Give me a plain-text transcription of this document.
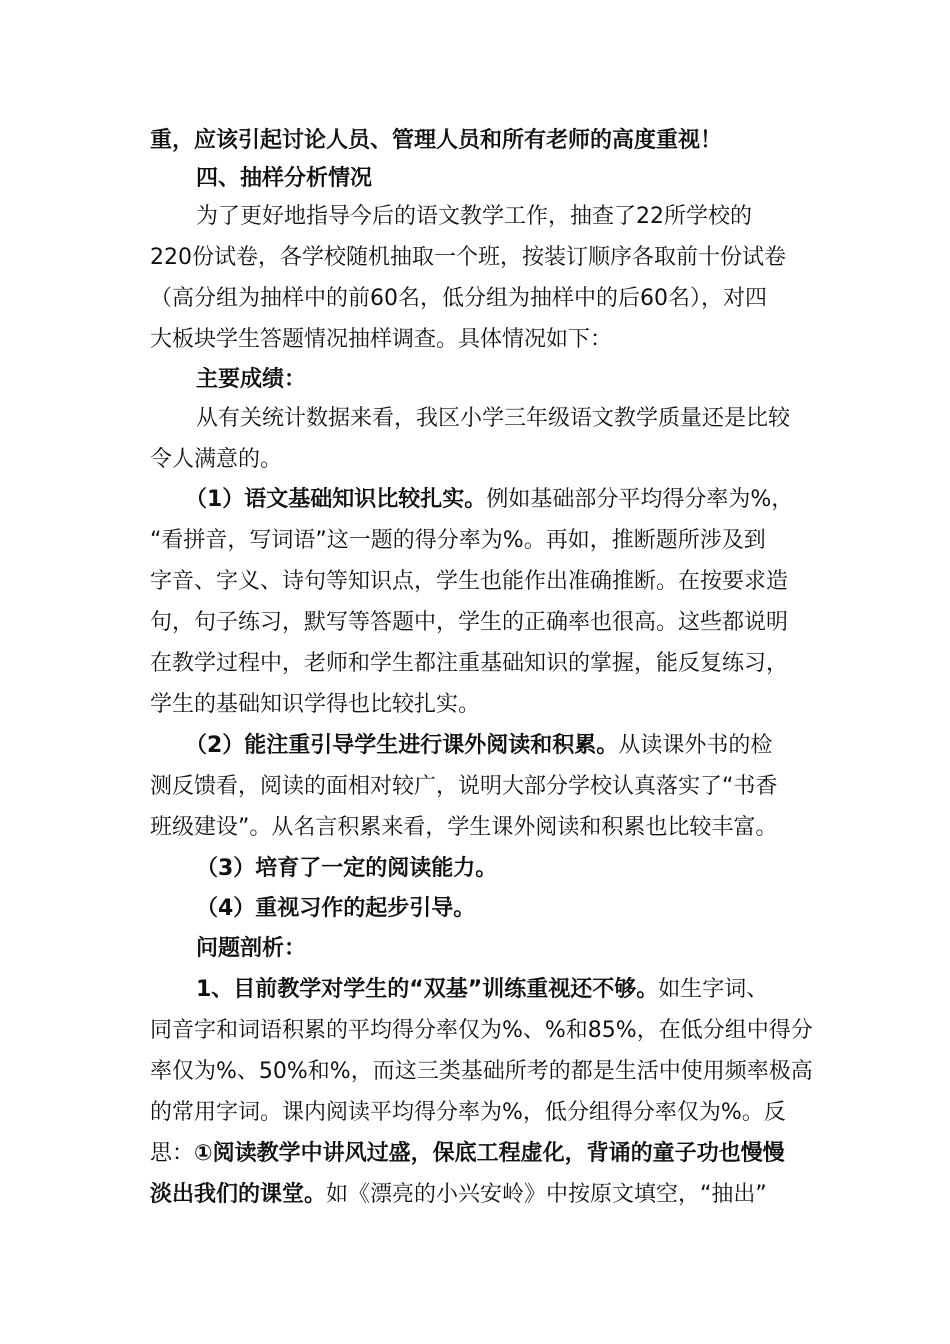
重，应该引起讨论人员、管理人员和所有老师的高度重视！
四、抽样分析情况
为了更好地指导今后的语文教学工作，抽查了22所学校的
220份试卷，各学校随机抽取一个班，按装订顺序各取前十份试卷
（高分组为抽样中的前60名，低分组为抽样中的后60名），对四
大板块学生答题情况抽样调查。具体情况如下：
主要成绩：
从有关统计数据来看，我区小学三年级语文教学质量还是比较
令人满意的。
（1）语文基础知识比较扎实。例如基础部分平均得分率为%，
“看拼音，写词语”这一题的得分率为%。再如，推断题所涉及到
字音、字义、诗句等知识点，学生也能作出准确推断。在按要求造
句，句子练习，默写等答题中，学生的正确率也很高。这些都说明
在教学过程中，老师和学生都注重基础知识的掌握，能反复练习，
学生的基础知识学得也比较扎实。
（2）能注重引导学生进行课外阅读和积累。从读课外书的检
测反馈看，阅读的面相对较广，说明大部分学校认真落实了“书香
班级建设”。从名言积累来看，学生课外阅读和积累也比较丰富。
（3）培育了一定的阅读能力。
（4）重视习作的起步引导。
问题剖析：
1、目前教学对学生的“双基”训练重视还不够。如生字词、
同音字和词语积累的平均得分率仅为%、%和85%，在低分组中得分
率仅为%、50%和%，而这三类基础所考的都是生活中使用频率极高
的常用字词。课内阅读平均得分率为%，低分组得分率仅为%。反
思：①阅读教学中讲风过盛，保底工程虚化，背诵的童子功也慢慢
淡出我们的课堂。如《漂亮的小兴安岭》中按原文填空，“抽出”
